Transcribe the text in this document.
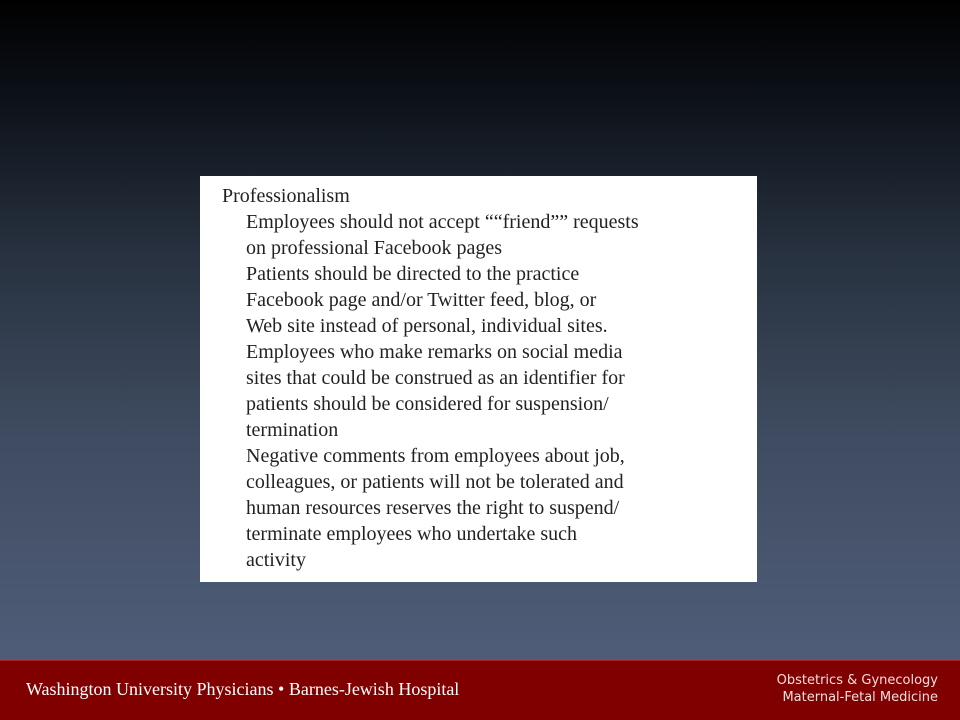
Professionalism
Employees should not accept ““friend”” requests
on professional Facebook pages
Patients should be directed to the practice
Facebook page and/or Twitter feed, blog, or
Web site instead of personal, individual sites.
Employees who make remarks on social media
sites that could be construed as an identifier for
patients should be considered for suspension/
termination
Negative comments from employees about job,
colleagues, or patients will not be tolerated and
human resources reserves the right to suspend/
terminate employees who undertake such
activity
Washington University Physicians • Barnes-Jewish Hospital	Obstetrics & Gynecology
Maternal-Fetal Medicine
